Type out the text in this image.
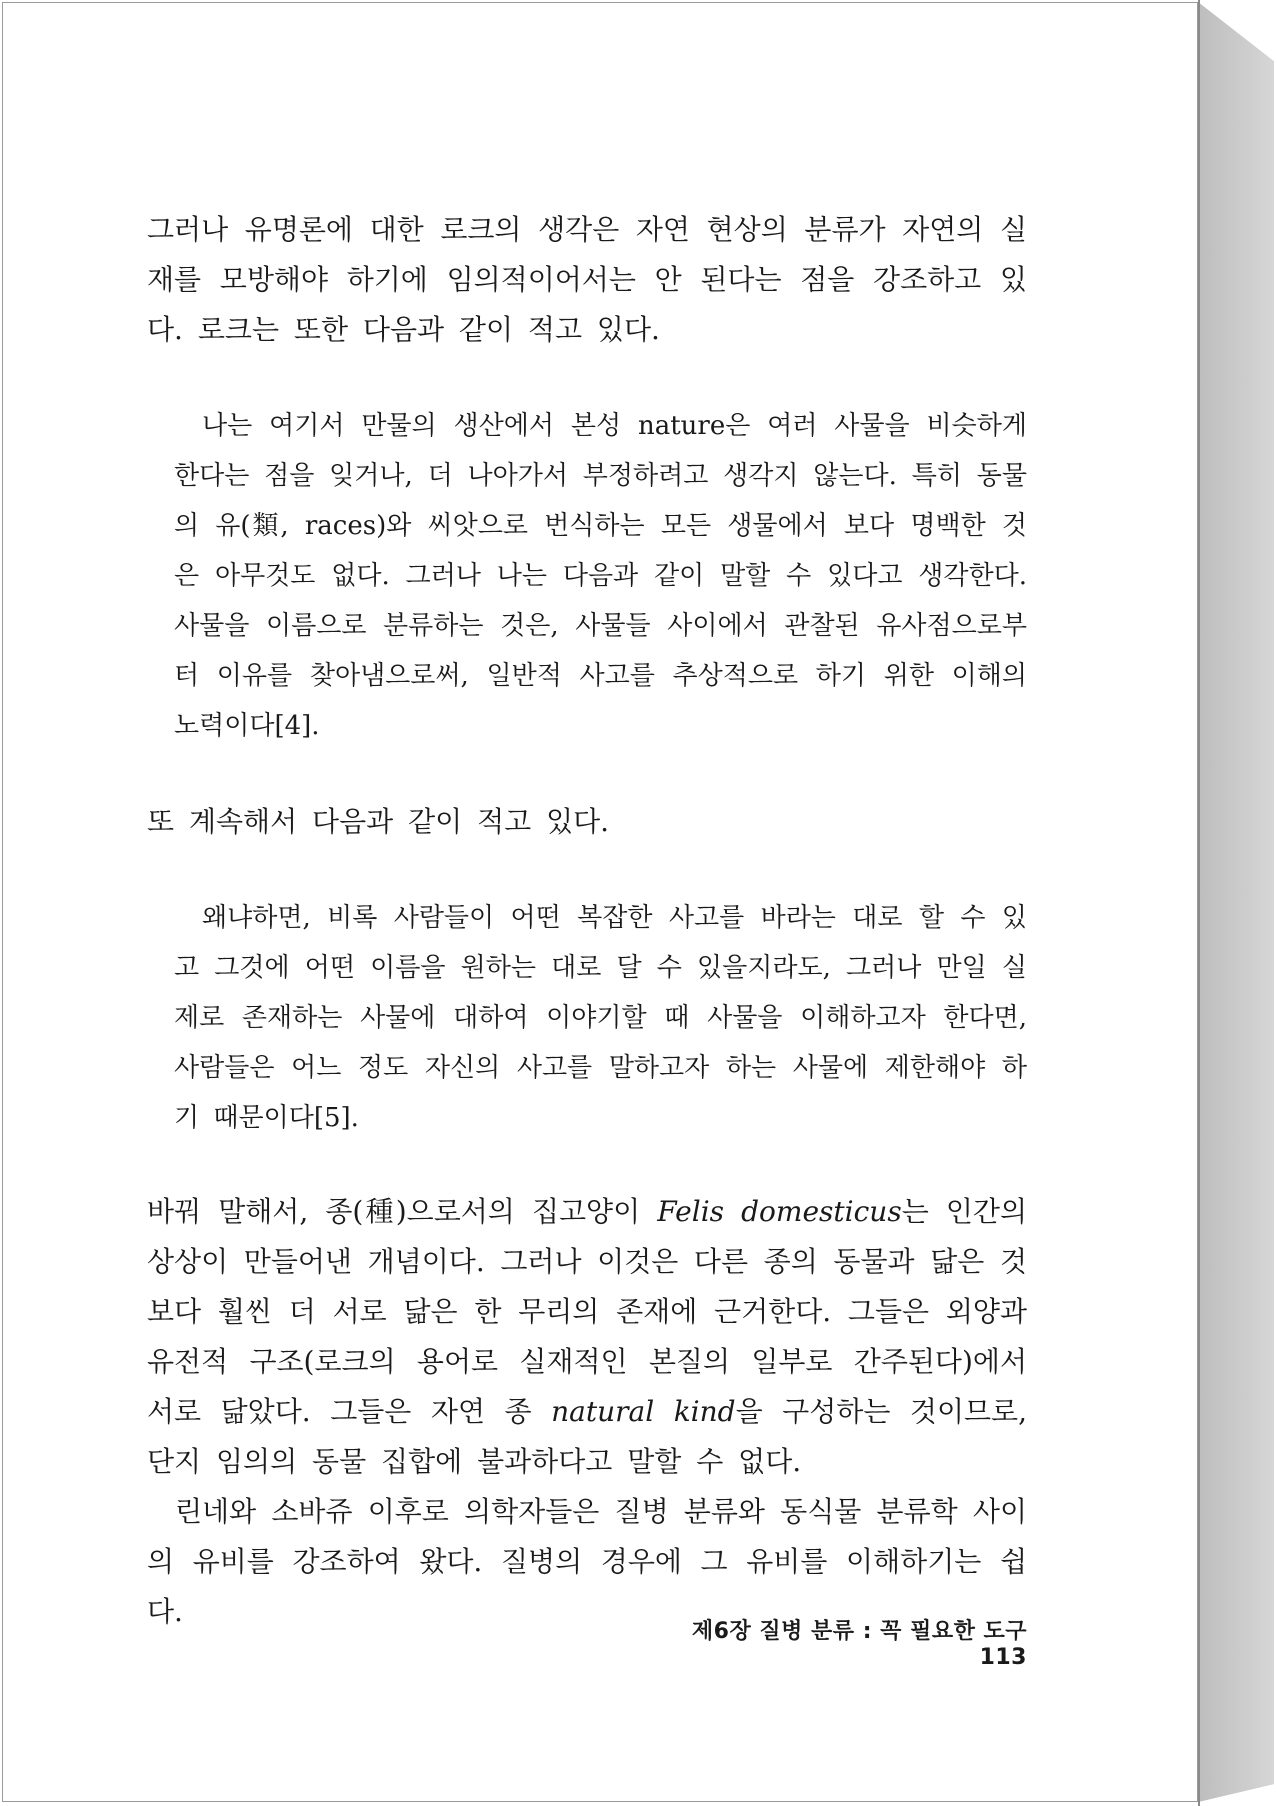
그러나 유명론에 대한 로크의 생각은 자연 현상의 분류가 자연의 실재를 모방해야 하기에 임의적이어서는 안 된다는 점을 강조하고 있다. 로크는 또한 다음과 같이 적고 있다.

나는 여기서 만물의 생산에서 본성 nature은 여러 사물을 비슷하게 한다는 점을 잊거나, 더 나아가서 부정하려고 생각지 않는다. 특히 동물의 유(類, races)와 씨앗으로 번식하는 모든 생물에서 보다 명백한 것은 아무것도 없다. 그러나 나는 다음과 같이 말할 수 있다고 생각한다. 사물을 이름으로 분류하는 것은, 사물들 사이에서 관찰된 유사점으로부터 이유를 찾아냄으로써, 일반적 사고를 추상적으로 하기 위한 이해의 노력이다[4].

또 계속해서 다음과 같이 적고 있다.

왜냐하면, 비록 사람들이 어떤 복잡한 사고를 바라는 대로 할 수 있고 그것에 어떤 이름을 원하는 대로 달 수 있을지라도, 그러나 만일 실제로 존재하는 사물에 대하여 이야기할 때 사물을 이해하고자 한다면, 사람들은 어느 정도 자신의 사고를 말하고자 하는 사물에 제한해야 하기 때문이다[5].

바꿔 말해서, 종(種)으로서의 집고양이 Felis domesticus는 인간의 상상이 만들어낸 개념이다. 그러나 이것은 다른 종의 동물과 닮은 것보다 훨씬 더 서로 닮은 한 무리의 존재에 근거한다. 그들은 외양과 유전적 구조(로크의 용어로 실재적인 본질의 일부로 간주된다)에서 서로 닮았다. 그들은 자연 종 natural kind을 구성하는 것이므로, 단지 임의의 동물 집합에 불과하다고 말할 수 없다.

린네와 소바쥬 이후로 의학자들은 질병 분류와 동식물 분류학 사이의 유비를 강조하여 왔다. 질병의 경우에 그 유비를 이해하기는 쉽다.

제6장 질병 분류 : 꼭 필요한 도구113
